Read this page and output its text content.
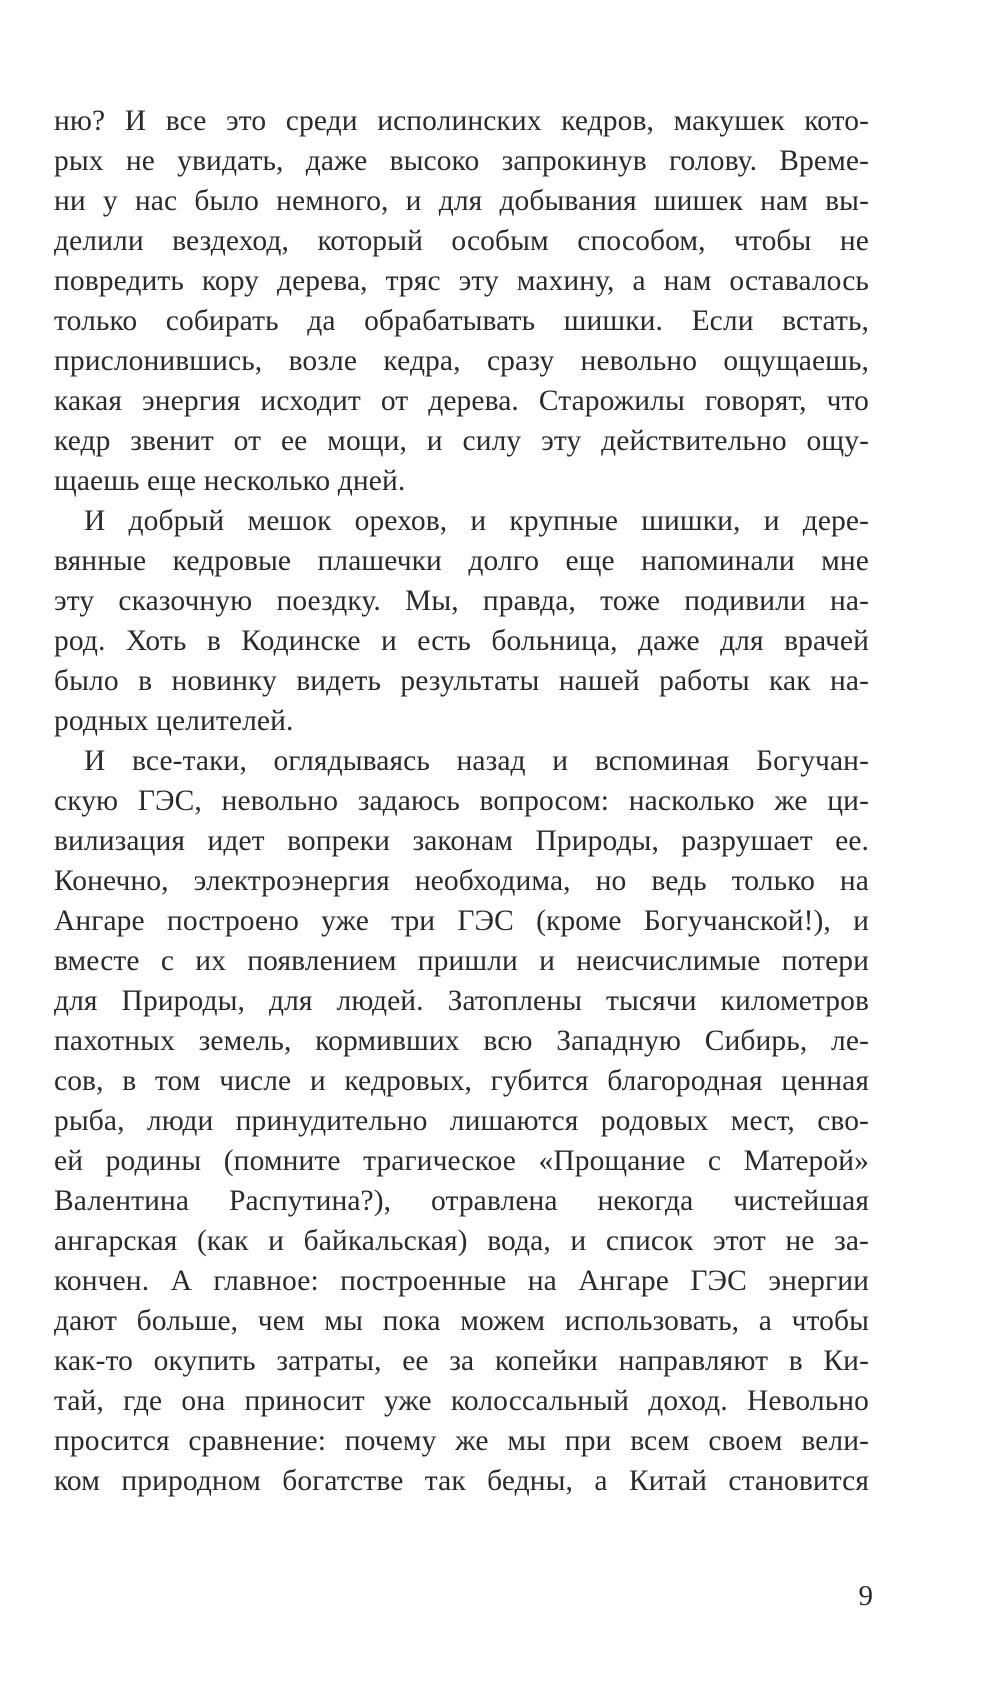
ню? И все это среди исполинских кедров, макушек кото-
рых не увидать, даже высоко запрокинув голову. Време-
ни у нас было немного, и для добывания шишек нам вы-
делили вездеход, который особым способом, чтобы не
повредить кору дерева, тряс эту махину, а нам оставалось
только собирать да обрабатывать шишки. Если встать,
прислонившись, возле кедра, сразу невольно ощущаешь,
какая энергия исходит от дерева. Старожилы говорят, что
кедр звенит от ее мощи, и силу эту действительно ощу-
щаешь еще несколько дней.
И добрый мешок орехов, и крупные шишки, и дере-
вянные кедровые плашечки долго еще напоминали мне
эту сказочную поездку. Мы, правда, тоже подивили на-
род. Хоть в Кодинске и есть больница, даже для врачей
было в новинку видеть результаты нашей работы как на-
родных целителей.
И все-таки, оглядываясь назад и вспоминая Богучан-
скую ГЭС, невольно задаюсь вопросом: насколько же ци-
вилизация идет вопреки законам Природы, разрушает ее.
Конечно, электроэнергия необходима, но ведь только на
Ангаре построено уже три ГЭС (кроме Богучанской!), и
вместе с их появлением пришли и неисчислимые потери
для Природы, для людей. Затоплены тысячи километров
пахотных земель, кормивших всю Западную Сибирь, ле-
сов, в том числе и кедровых, губится благородная ценная
рыба, люди принудительно лишаются родовых мест, сво-
ей родины (помните трагическое «Прощание с Матерой»
Валентина Распутина?), отравлена некогда чистейшая
ангарская (как и байкальская) вода, и список этот не за-
кончен. А главное: построенные на Ангаре ГЭС энергии
дают больше, чем мы пока можем использовать, а чтобы
как-то окупить затраты, ее за копейки направляют в Ки-
тай, где она приносит уже колоссальный доход. Невольно
просится сравнение: почему же мы при всем своем вели-
ком природном богатстве так бедны, а Китай становится
9
